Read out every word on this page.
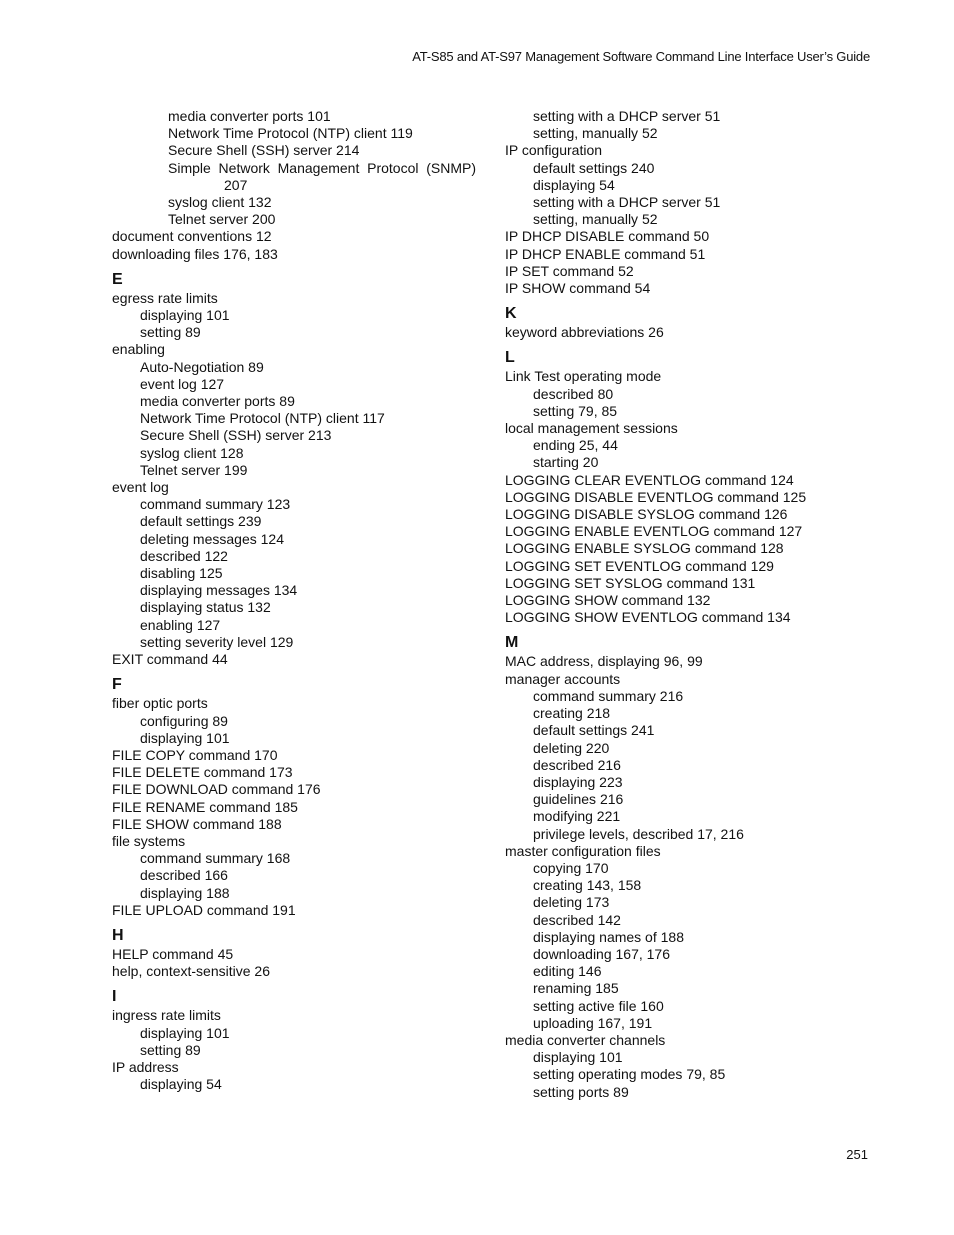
AT-S85 and AT-S97 Management Software Command Line Interface User’s Guide
media converter ports 101
Network Time Protocol (NTP) client 119
Secure Shell (SSH) server 214
Simple Network Management Protocol (SNMP)
207
syslog client 132
Telnet server 200
document conventions 12
downloading files 176, 183
E
egress rate limits
displaying 101
setting 89
enabling
Auto-Negotiation 89
event log 127
media converter ports 89
Network Time Protocol (NTP) client 117
Secure Shell (SSH) server 213
syslog client 128
Telnet server 199
event log
command summary 123
default settings 239
deleting messages 124
described 122
disabling 125
displaying messages 134
displaying status 132
enabling 127
setting severity level 129
EXIT command 44
F
fiber optic ports
configuring 89
displaying 101
FILE COPY command 170
FILE DELETE command 173
FILE DOWNLOAD command 176
FILE RENAME command 185
FILE SHOW command 188
file systems
command summary 168
described 166
displaying 188
FILE UPLOAD command 191
H
HELP command 45
help, context-sensitive 26
I
ingress rate limits
displaying 101
setting 89
IP address
displaying 54
setting with a DHCP server 51
setting, manually 52
IP configuration
default settings 240
displaying 54
setting with a DHCP server 51
setting, manually 52
IP DHCP DISABLE command 50
IP DHCP ENABLE command 51
IP SET command 52
IP SHOW command 54
K
keyword abbreviations 26
L
Link Test operating mode
described 80
setting 79, 85
local management sessions
ending 25, 44
starting 20
LOGGING CLEAR EVENTLOG command 124
LOGGING DISABLE EVENTLOG command 125
LOGGING DISABLE SYSLOG command 126
LOGGING ENABLE EVENTLOG command 127
LOGGING ENABLE SYSLOG command 128
LOGGING SET EVENTLOG command 129
LOGGING SET SYSLOG command 131
LOGGING SHOW command 132
LOGGING SHOW EVENTLOG command 134
M
MAC address, displaying 96, 99
manager accounts
command summary 216
creating 218
default settings 241
deleting 220
described 216
displaying 223
guidelines 216
modifying 221
privilege levels, described 17, 216
master configuration files
copying 170
creating 143, 158
deleting 173
described 142
displaying names of 188
downloading 167, 176
editing 146
renaming 185
setting active file 160
uploading 167, 191
media converter channels
displaying 101
setting operating modes 79, 85
setting ports 89
251
